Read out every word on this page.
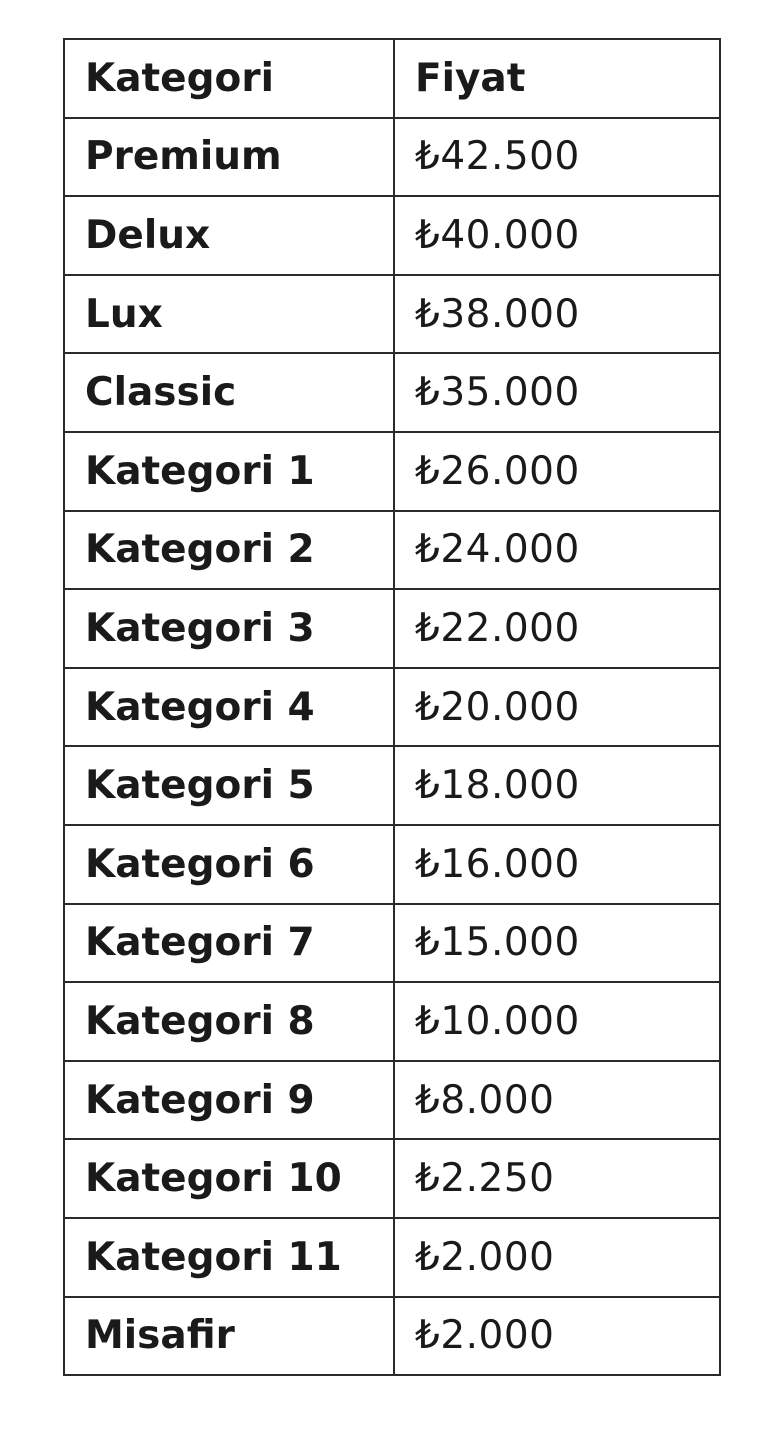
Kategori	Fiyat
Premium	₺42.500
Delux	₺40.000
Lux	₺38.000
Classic	₺35.000
Kategori 1	₺26.000
Kategori 2	₺24.000
Kategori 3	₺22.000
Kategori 4	₺20.000
Kategori 5	₺18.000
Kategori 6	₺16.000
Kategori 7	₺15.000
Kategori 8	₺10.000
Kategori 9	₺8.000
Kategori 10	₺2.250
Kategori 11	₺2.000
Misafir	₺2.000
